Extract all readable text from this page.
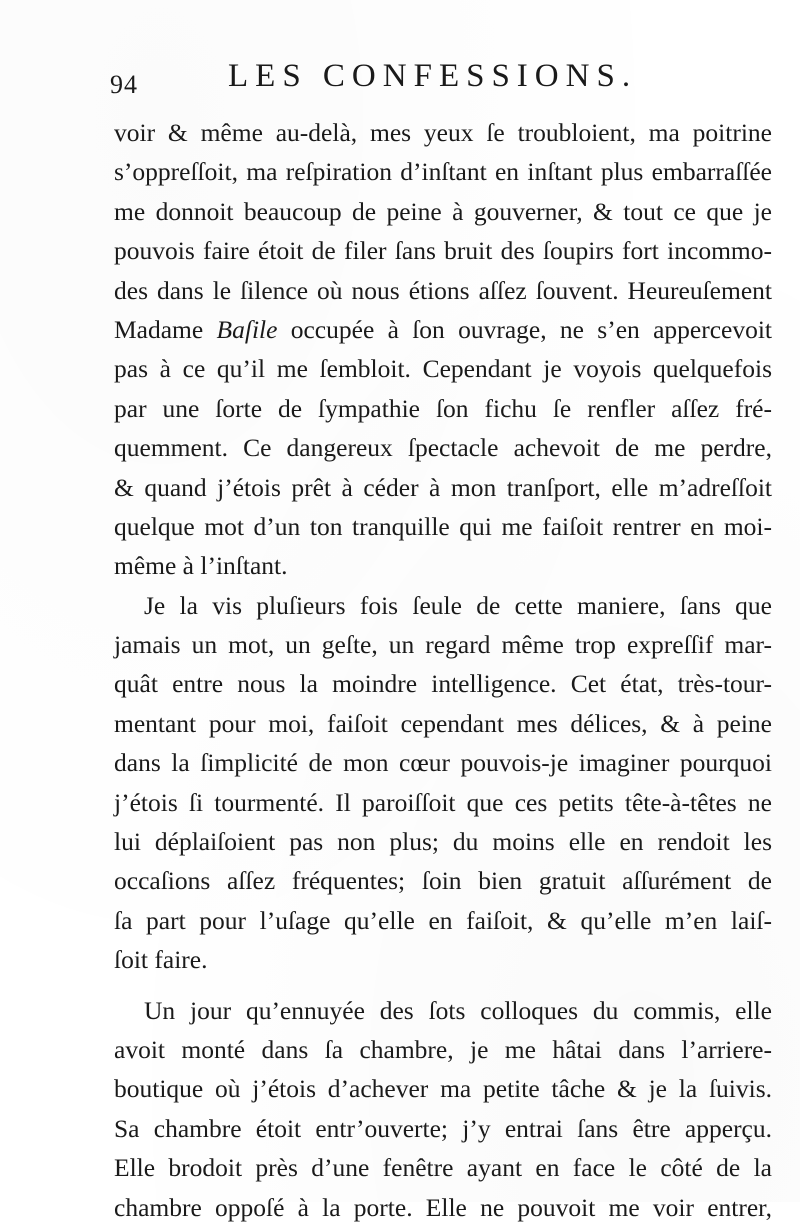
94	LES CONFESSIONS.
voir & même au-delà, mes yeux ſe troubloient, ma poitrine
s’oppreſſoit, ma reſpiration d’inſtant en inſtant plus embarraſſée
me donnoit beaucoup de peine à gouverner, & tout ce que je
pouvois faire étoit de filer ſans bruit des ſoupirs fort incommo-
des dans le ſilence où nous étions aſſez ſouvent. Heureuſement
Madame Baſile occupée à ſon ouvrage, ne s’en appercevoit
pas à ce qu’il me ſembloit. Cependant je voyois quelquefois
par une ſorte de ſympathie ſon fichu ſe renfler aſſez fré-
quemment. Ce dangereux ſpectacle achevoit de me perdre,
& quand j’étois prêt à céder à mon tranſport, elle m’adreſſoit
quelque mot d’un ton tranquille qui me faiſoit rentrer en moi-
même à l’inſtant.
Je la vis pluſieurs fois ſeule de cette maniere, ſans que
jamais un mot, un geſte, un regard même trop expreſſif mar-
quât entre nous la moindre intelligence. Cet état, très-tour-
mentant pour moi, faiſoit cependant mes délices, & à peine
dans la ſimplicité de mon cœur pouvois-je imaginer pourquoi
j’étois ſi tourmenté. Il paroiſſoit que ces petits tête-à-têtes ne
lui déplaiſoient pas non plus; du moins elle en rendoit les
occaſions aſſez fréquentes; ſoin bien gratuit aſſurément de
ſa part pour l’uſage qu’elle en faiſoit, & qu’elle m’en laiſ-
ſoit faire.
Un jour qu’ennuyée des ſots colloques du commis, elle
avoit monté dans ſa chambre, je me hâtai dans l’arriere-
boutique où j’étois d’achever ma petite tâche & je la ſuivis.
Sa chambre étoit entr’ouverte; j’y entrai ſans être apperçu.
Elle brodoit près d’une fenêtre ayant en face le côté de la
chambre oppoſé à la porte. Elle ne pouvoit me voir entrer,
